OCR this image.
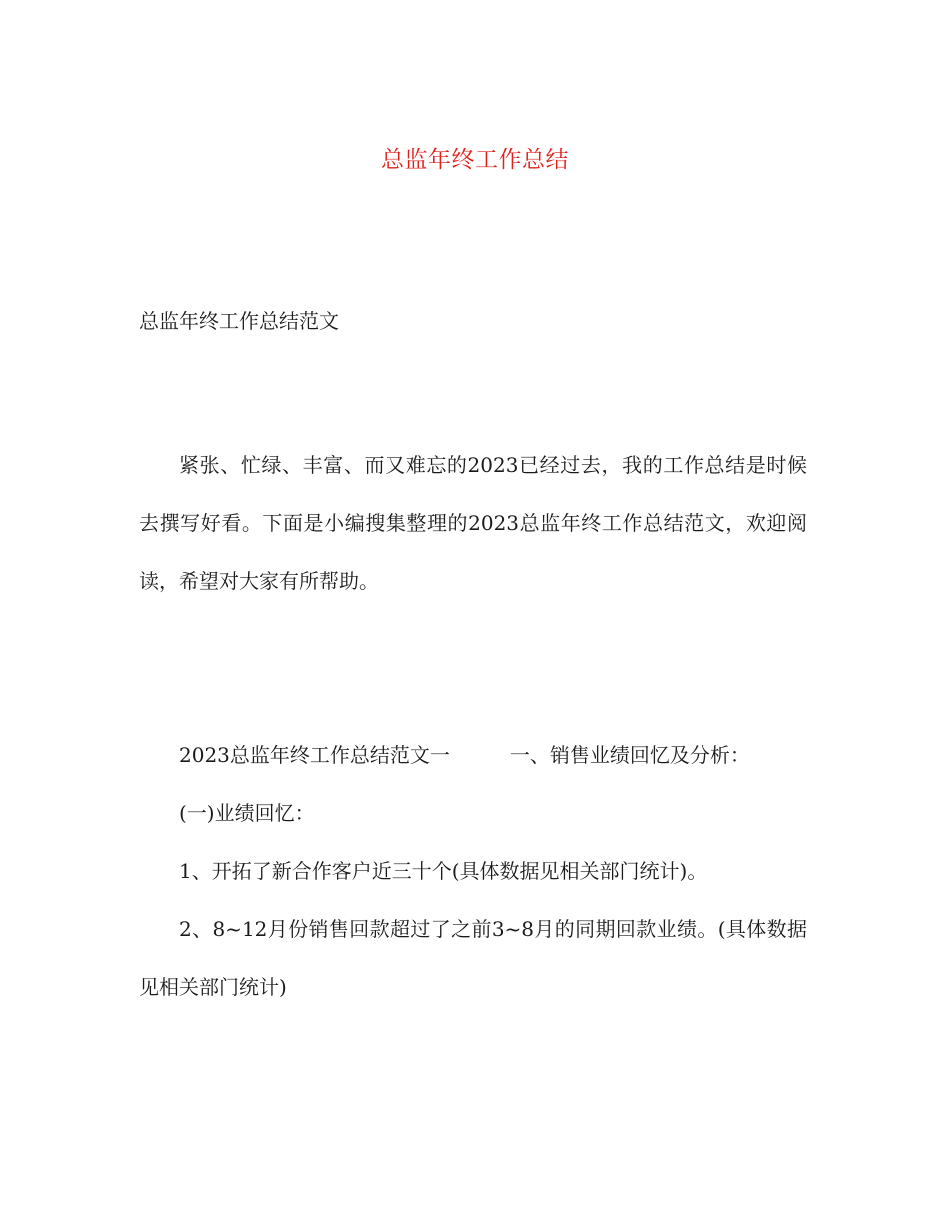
总监年终工作总结
总监年终工作总结范文

紧张、忙绿、丰富、而又难忘的2023已经过去，我的工作总结是时候去撰写好看。下面是小编搜集整理的2023总监年终工作总结范文，欢迎阅读，希望对大家有所帮助。

2023总监年终工作总结范文一	一、销售业绩回忆及分析：

(一)业绩回忆：

1、开拓了新合作客户近三十个(具体数据见相关部门统计)。

2、8~12月份销售回款超过了之前3~8月的同期回款业绩。(具体数据见相关部门统计)
